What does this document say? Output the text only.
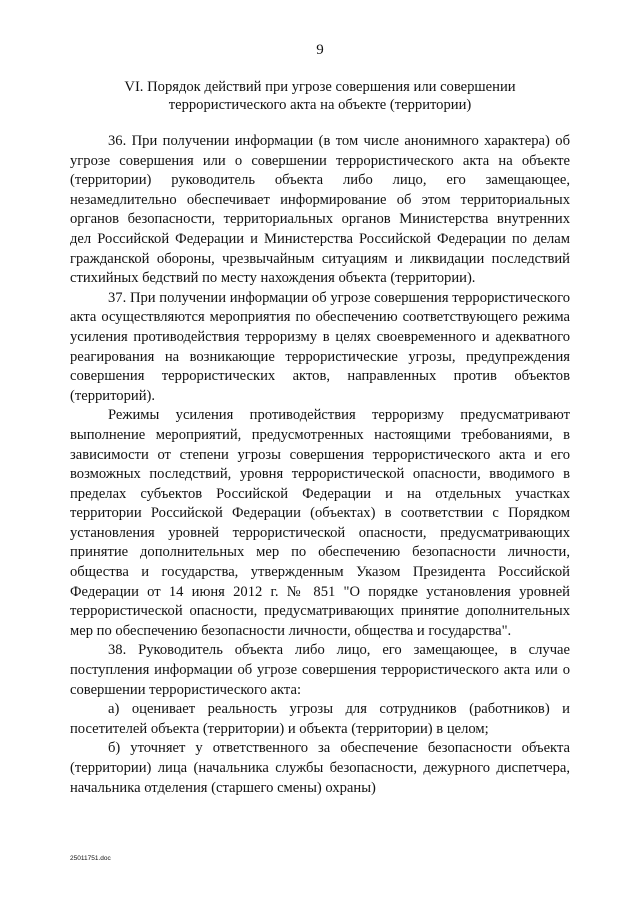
9
VI. Порядок действий при угрозе совершения или совершении
террористического акта на объекте (территории)

36. При получении информации (в том числе анонимного характера) об угрозе совершения или о совершении террористического акта на объекте (территории) руководитель объекта либо лицо, его замещающее, незамедлительно обеспечивает информирование об этом территориальных органов безопасности, территориальных органов Министерства внутренних дел Российской Федерации и Министерства Российской Федерации по делам гражданской обороны, чрезвычайным ситуациям и ликвидации последствий стихийных бедствий по месту нахождения объекта (территории).

37. При получении информации об угрозе совершения террористического акта осуществляются мероприятия по обеспечению соответствующего режима усиления противодействия терроризму в целях своевременного и адекватного реагирования на возникающие террористические угрозы, предупреждения совершения террористических актов, направленных против объектов (территорий).

Режимы усиления противодействия терроризму предусматривают выполнение мероприятий, предусмотренных настоящими требованиями, в зависимости от степени угрозы совершения террористического акта и его возможных последствий, уровня террористической опасности, вводимого в пределах субъектов Российской Федерации и на отдельных участках территории Российской Федерации (объектах) в соответствии с Порядком установления уровней террористической опасности, предусматривающих принятие дополнительных мер по обеспечению безопасности личности, общества и государства, утвержденным Указом Президента Российской Федерации от 14 июня 2012 г. № 851 "О порядке установления уровней террористической опасности, предусматривающих принятие дополнительных мер по обеспечению безопасности личности, общества и государства".

38. Руководитель объекта либо лицо, его замещающее, в случае поступления информации об угрозе совершения террористического акта или о совершении террористического акта:

а) оценивает реальность угрозы для сотрудников (работников) и посетителей объекта (территории) и объекта (территории) в целом;

б) уточняет у ответственного за обеспечение безопасности объекта (территории) лица (начальника службы безопасности, дежурного диспетчера, начальника отделения (старшего смены) охраны)

25011751.doc
